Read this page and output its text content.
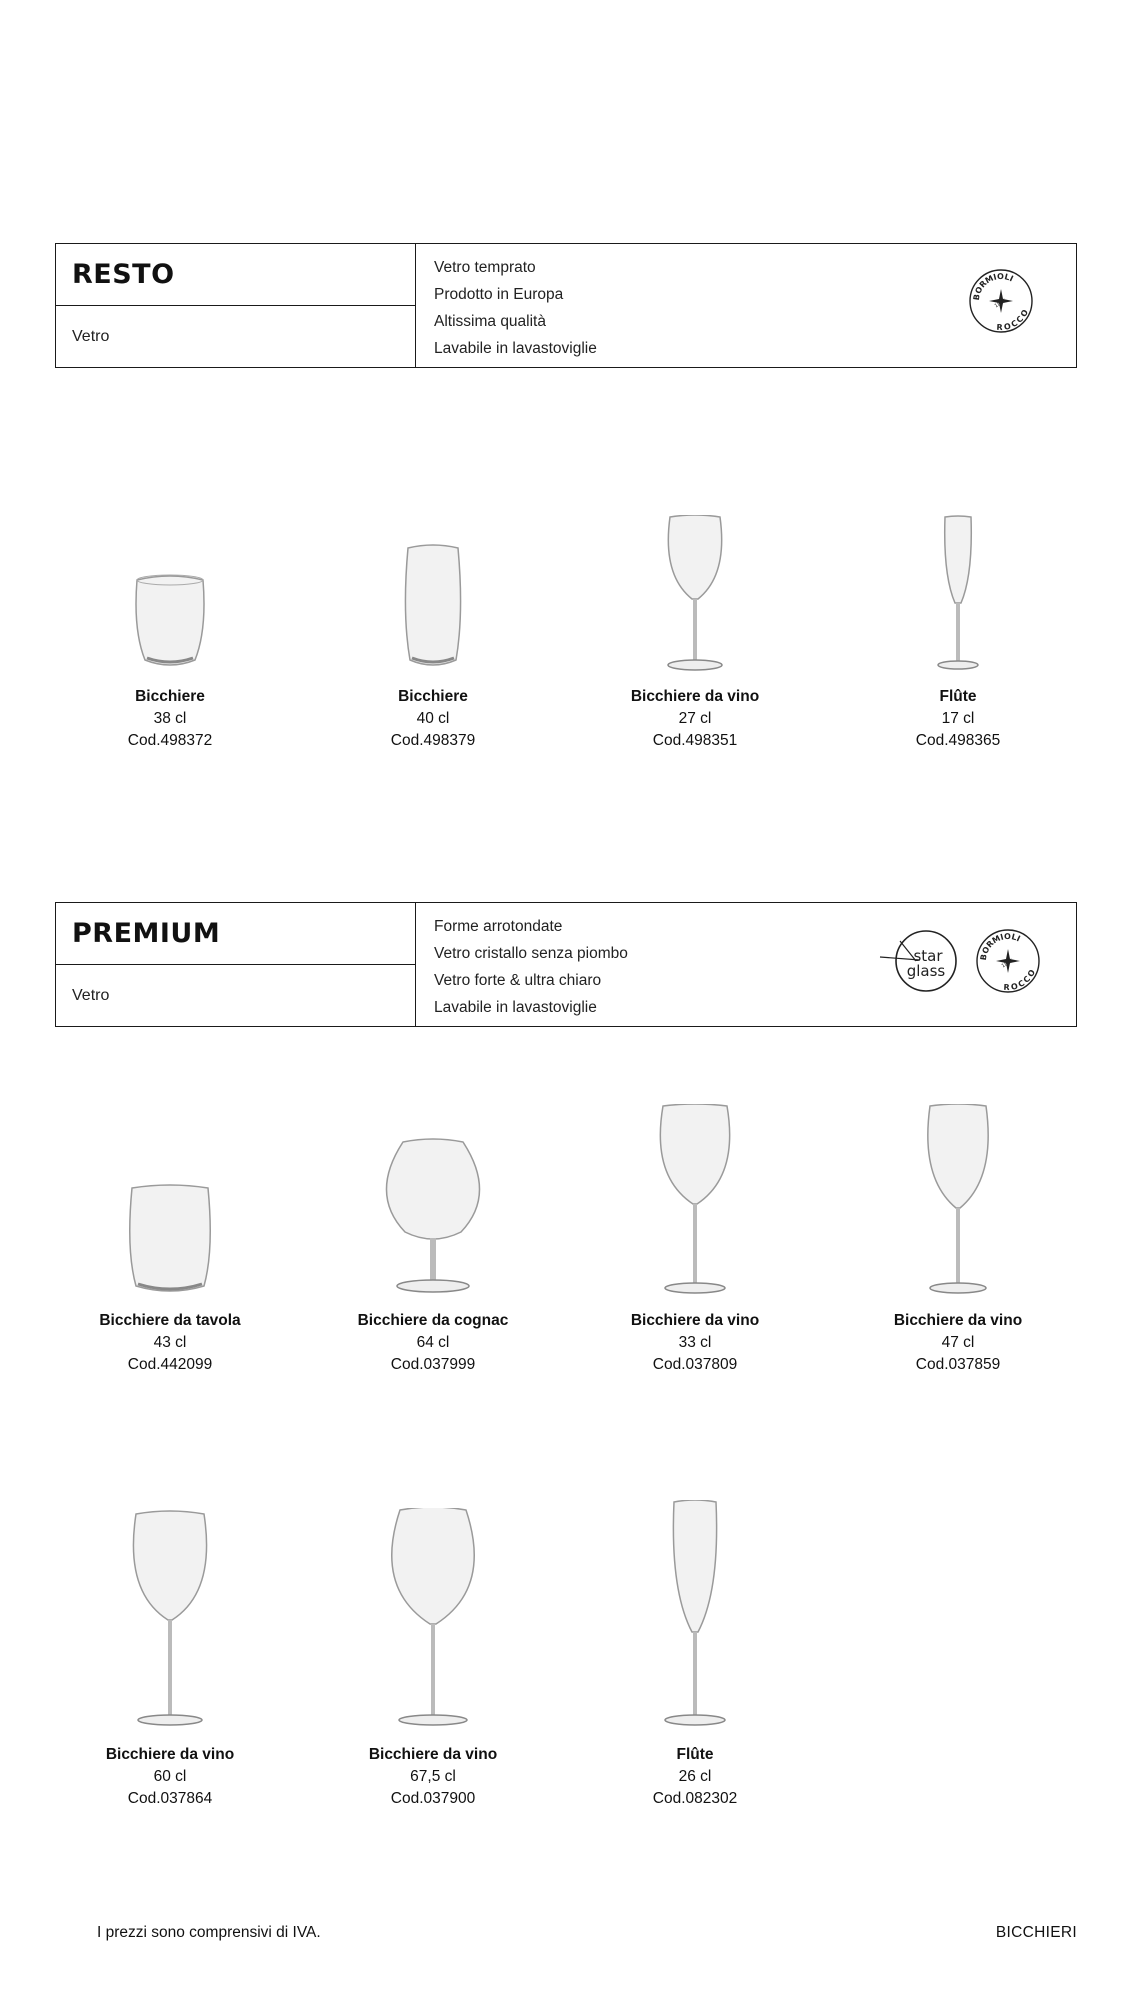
RESTO
Vetro
Vetro temprato
Prodotto in Europa
Altissima qualità
Lavabile in lavastoviglie
BORMIOLI
ROCCO
1825
Bicchiere
38 cl
Cod.498372
Bicchiere
40 cl
Cod.498379
Bicchiere da vino
27 cl
Cod.498351
Flûte
17 cl
Cod.498365
PREMIUM
Vetro
Forme arrotondate
Vetro cristallo senza piombo
Vetro forte & ultra chiaro
Lavabile in lavastoviglie
star
glass
BORMIOLI
ROCCO
1825
Bicchiere da tavola
43 cl
Cod.442099
Bicchiere da cognac
64 cl
Cod.037999
Bicchiere da vino
33 cl
Cod.037809
Bicchiere da vino
47 cl
Cod.037859
Bicchiere da vino
60 cl
Cod.037864
Bicchiere da vino
67,5 cl
Cod.037900
Flûte
26 cl
Cod.082302
I prezzi sono comprensivi di IVA.	BICCHIERI
